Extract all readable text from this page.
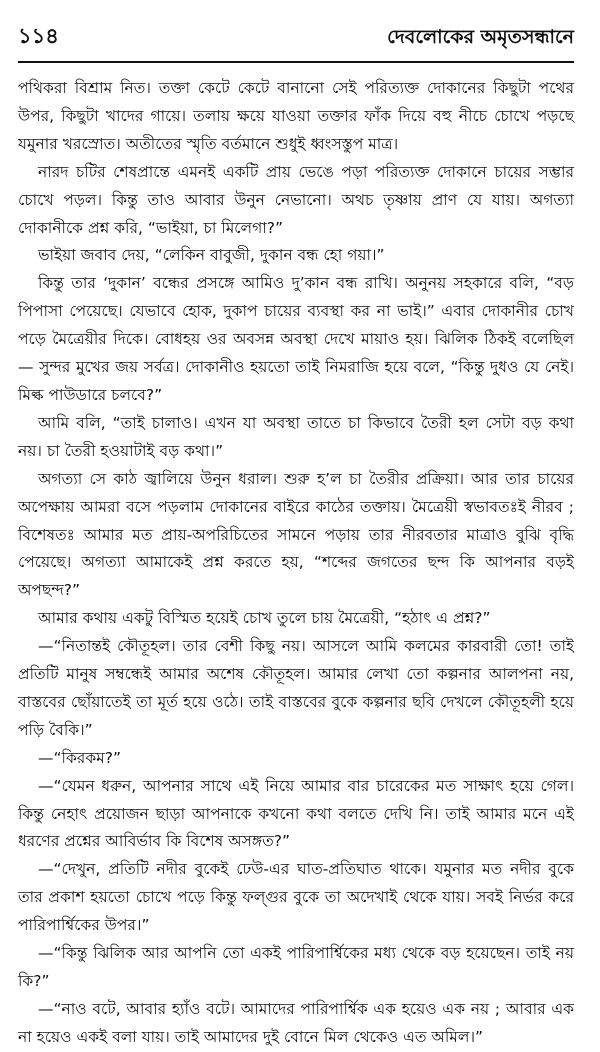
১১৪	দেবলোকের অমৃতসন্ধানে

পথিকরা বিশ্রাম নিত। তক্তা কেটে কেটে বানানো সেই পরিত্যক্ত দোকানের কিছুটা পথের উপর, কিছুটা খাদের গায়ে। তলায় ক্ষয়ে যাওয়া তক্তার ফাঁক দিয়ে বহু নীচে চোখে পড়ছে যমুনার খরস্রোত। অতীতের স্মৃতি বর্তমানে শুধুই ধ্বংসস্তুপ মাত্র।

নারদ চটির শেষপ্রান্তে এমনই একটি প্রায় ভেঙে পড়া পরিত্যক্ত দোকানে চায়ের সম্ভার চোখে পড়ল। কিন্তু তাও আবার উনুন নেভানো। অথচ তৃষ্ণায় প্রাণ যে যায়। অগত্যা দোকানীকে প্রশ্ন করি, “ভাইয়া, চা মিলেগা?”

ভাইয়া জবাব দেয়, “লেকিন বাবুজী, দুকান বন্ধ হো গয়া।”

কিন্তু তার ‘দুকান’ বন্ধের প্রসঙ্গে আমিও দু’কান বন্ধ রাখি। অনুনয় সহকারে বলি, “বড় পিপাসা পেয়েছে। যেভাবে হোক, দুকাপ চায়ের ব্যবস্থা কর না ভাই।” এবার দোকানীর চোখ পড়ে মৈত্রেয়ীর দিকে। বোধহয় ওর অবসন্ন অবস্থা দেখে মায়াও হয়। ঝিলিক ঠিকই বলেছিল — সুন্দর মুখের জয় সর্বত্র। দোকানীও হয়তো তাই নিমরাজি হয়ে বলে, “কিন্তু দুধও যে নেই। মিল্ক পাউডারে চলবে?”

আমি বলি, “তাই চালাও। এখন যা অবস্থা তাতে চা কিভাবে তৈরী হল সেটা বড় কথা নয়। চা তৈরী হওয়াটাই বড় কথা।”

অগত্যা সে কাঠ জ্বালিয়ে উনুন ধরাল। শুরু হ’ল চা তৈরীর প্রক্রিয়া। আর তার চায়ের অপেক্ষায় আমরা বসে পড়লাম দোকানের বাইরে কাঠের তক্তায়। মৈত্রেয়ী স্বভাবতঃই নীরব ; বিশেষতঃ আমার মত প্রায়-অপরিচিতের সামনে পড়ায় তার নীরবতার মাত্রাও বুঝি বৃদ্ধি পেয়েছে। অগত্যা আমাকেই প্রশ্ন করতে হয়, “শব্দের জগতের ছন্দ কি আপনার বড়ই অপছন্দ?”

আমার কথায় একটু বিস্মিত হয়েই চোখ তুলে চায় মৈত্রেয়ী, “হঠাৎ এ প্রশ্ন?”

—“নিতান্তই কৌতূহল। তার বেশী কিছু নয়। আসলে আমি কলমের কারবারী তো! তাই প্রতিটি মানুষ সম্বন্ধেই আমার অশেষ কৌতূহল। আমার লেখা তো কল্পনার আলপনা নয়, বাস্তবের ছোঁয়াতেই তা মূর্ত হয়ে ওঠে। তাই বাস্তবের বুকে কল্পনার ছবি দেখলে কৌতূহলী হয়ে পড়ি বৈকি।”

—“কিরকম?”

—“যেমন ধরুন, আপনার সাথে এই নিয়ে আমার বার চারেকের মত সাক্ষাৎ হয়ে গেল। কিন্তু নেহাৎ প্রয়োজন ছাড়া আপনাকে কখনো কথা বলতে দেখি নি। তাই আমার মনে এই ধরণের প্রশ্নের আবির্ভাব কি বিশেষ অসঙ্গত?”

—“দেখুন, প্রতিটি নদীর বুকেই ঢেউ-এর ঘাত-প্রতিঘাত থাকে। যমুনার মত নদীর বুকে তার প্রকাশ হয়তো চোখে পড়ে কিন্তু ফল্গুর বুকে তা অদেখাই থেকে যায়। সবই নির্ভর করে পারিপার্শ্বিকের উপর।”

—“কিন্তু ঝিলিক আর আপনি তো একই পারিপার্শ্বিকের মধ্য থেকে বড় হয়েছেন। তাই নয় কি?”

—“নাও বটে, আবার হ্যাঁও বটে। আমাদের পারিপার্শ্বিক এক হয়েও এক নয় ; আবার এক না হয়েও একই বলা যায়। তাই আমাদের দুই বোনে মিল থেকেও এত অমিল।”
